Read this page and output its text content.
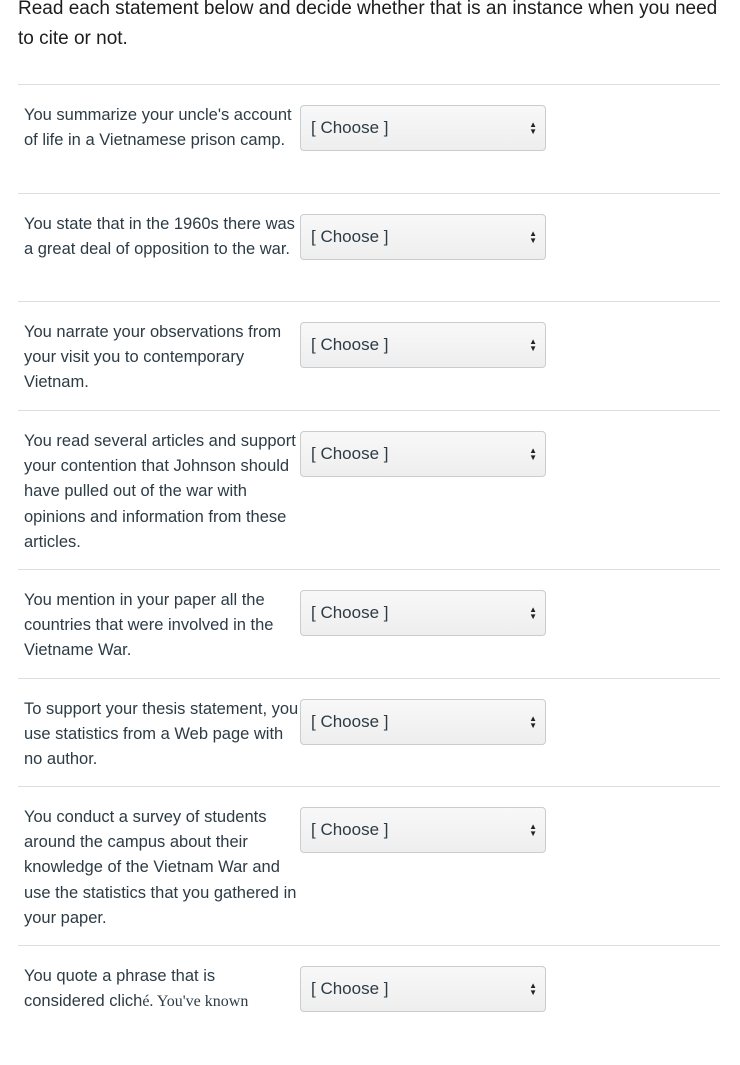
Read each statement below and decide whether that is an instance when you need to cite or not.
You summarize your uncle's account of life in a Vietnamese prison camp.
[ Choose ]	▲
▼
You state that in the 1960s there was a great deal of opposition to the war.
[ Choose ]	▲
▼
You narrate your observations from your visit you to contemporary Vietnam.
[ Choose ]	▲
▼
You read several articles and support your contention that Johnson should have pulled out of the war with opinions and information from these articles.
[ Choose ]	▲
▼
You mention in your paper all the countries that were involved in the Vietname War.
[ Choose ]	▲
▼
To support your thesis statement, you use statistics from a Web page with no author.
[ Choose ]	▲
▼
You conduct a survey of students around the campus about their knowledge of the Vietnam War and use the statistics that you gathered in your paper.
[ Choose ]	▲
▼
You quote a phrase that is considered cliché. You've known
[ Choose ]	▲
▼
